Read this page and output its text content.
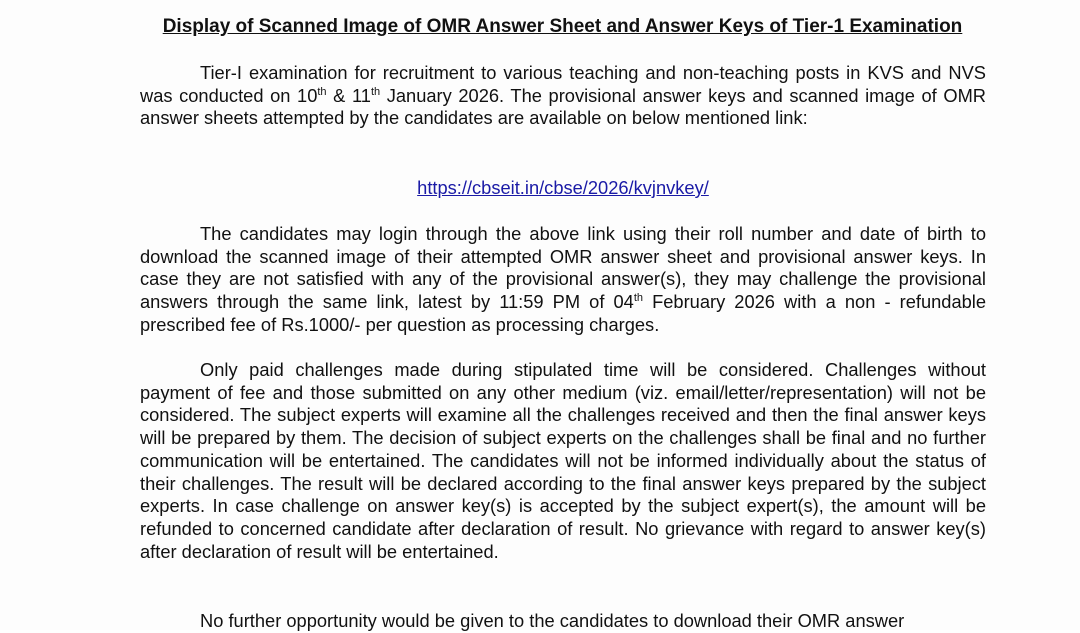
Display of Scanned Image of OMR Answer Sheet and Answer Keys of Tier-1 Examination

Tier-I examination for recruitment to various teaching and non-teaching posts in KVS and NVS was conducted on 10th & 11th January 2026. The provisional answer keys and scanned image of OMR answer sheets attempted by the candidates are available on below mentioned link:

https://cbseit.in/cbse/2026/kvjnvkey/

The candidates may login through the above link using their roll number and date of birth to download the scanned image of their attempted OMR answer sheet and provisional answer keys. In case they are not satisfied with any of the provisional answer(s), they may challenge the provisional answers through the same link, latest by 11:59 PM of 04th February 2026 with a non - refundable prescribed fee of Rs.1000/- per question as processing charges.

Only paid challenges made during stipulated time will be considered. Challenges without payment of fee and those submitted on any other medium (viz. email/letter/representation) will not be considered. The subject experts will examine all the challenges received and then the final answer keys will be prepared by them. The decision of subject experts on the challenges shall be final and no further communication will be entertained. The candidates will not be informed individually about the status of their challenges. The result will be declared according to the final answer keys prepared by the subject experts. In case challenge on answer key(s) is accepted by the subject expert(s), the amount will be refunded to concerned candidate after declaration of result. No grievance with regard to answer key(s) after declaration of result will be entertained.

No further opportunity would be given to the candidates to download their OMR answer
